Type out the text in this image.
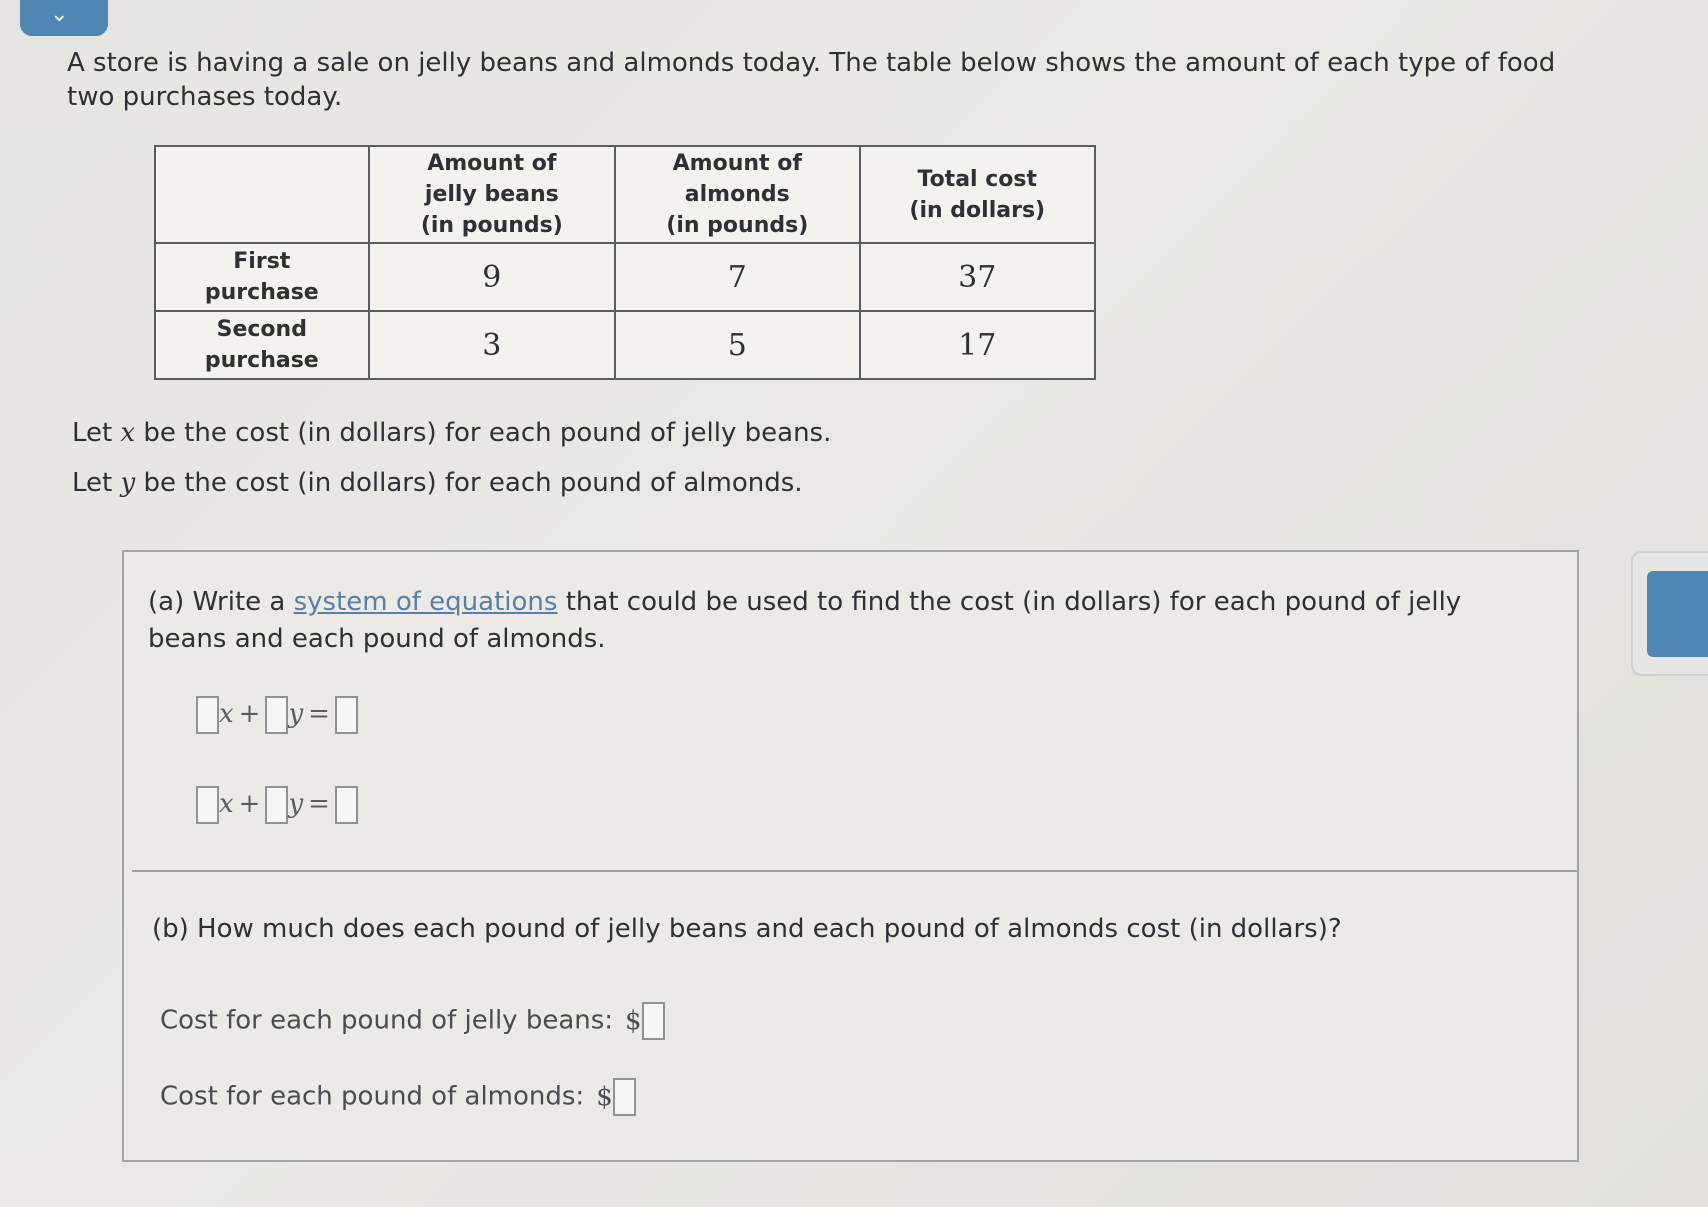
⌄
A store is having a sale on jelly beans and almonds today. The table below shows the amount of each type of food
two purchases today.
	Amount of
jelly beans
(in pounds)	Amount of
almonds
(in pounds)	Total cost
(in dollars)
First
purchase	9	7	37
Second
purchase	3	5	17
Let x be the cost (in dollars) for each pound of jelly beans.
Let y be the cost (in dollars) for each pound of almonds.
(a) Write a system of equations that could be used to find the cost (in dollars) for each pound of jelly beans and each pound of almonds.
x + y =
x + y =
(b) How much does each pound of jelly beans and each pound of almonds cost (in dollars)?
Cost for each pound of jelly beans: $
Cost for each pound of almonds: $
